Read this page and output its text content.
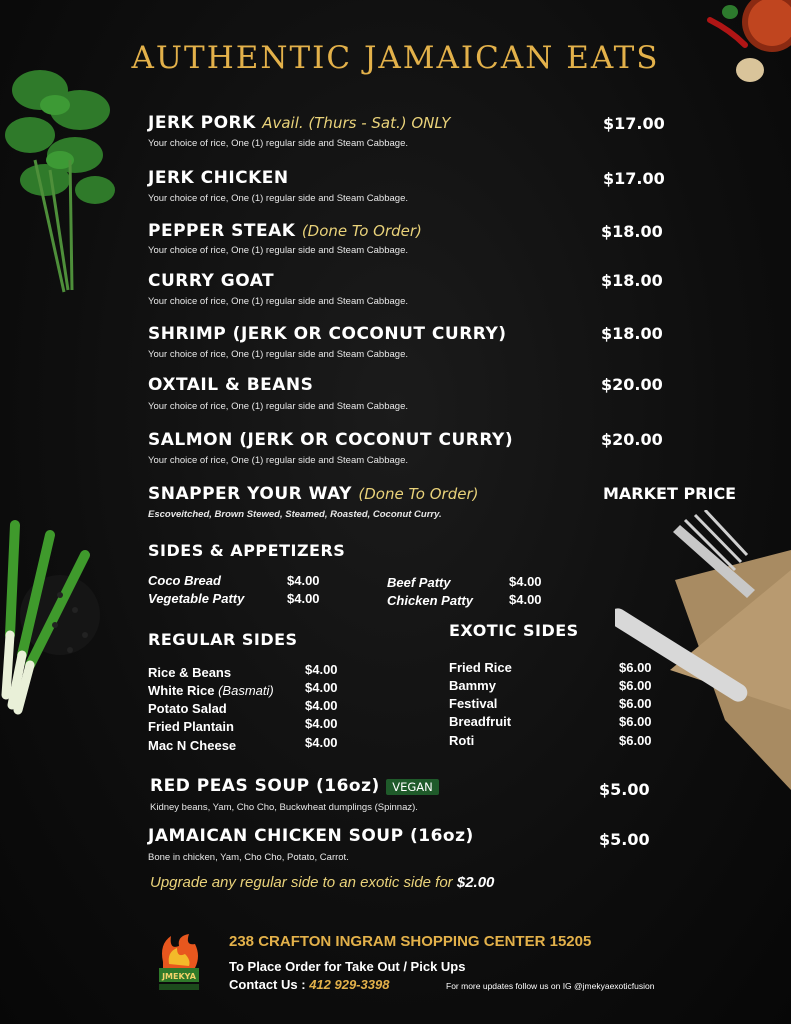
AUTHENTIC JAMAICAN EATS
JERK PORK Avail. (Thurs - Sat.) ONLY
Your choice of rice, One (1) regular side and Steam Cabbage.
$17.00
JERK CHICKEN
Your choice of rice, One (1) regular side and Steam Cabbage.
$17.00
PEPPER STEAK (Done To Order)
Your choice of rice, One (1) regular side and Steam Cabbage.
$18.00
CURRY GOAT
Your choice of rice, One (1) regular side and Steam Cabbage.
$18.00
SHRIMP (JERK OR COCONUT CURRY)
Your choice of rice, One (1) regular side and Steam Cabbage.
$18.00
OXTAIL & BEANS
Your choice of rice, One (1) regular side and Steam Cabbage.
$20.00
SALMON (JERK OR COCONUT CURRY)
Your choice of rice, One (1) regular side and Steam Cabbage.
$20.00
SNAPPER YOUR WAY (Done To Order)
Escoveitched, Brown Stewed, Steamed, Roasted, Coconut Curry.
MARKET PRICE
SIDES & APPETIZERS
Coco Bread	$4.00
Vegetable Patty	$4.00
Beef Patty	$4.00
Chicken Patty	$4.00
REGULAR SIDES
Rice & Beans	$4.00
White Rice (Basmati) $4.00
Potato Salad	$4.00
Fried Plantain	$4.00
Mac N Cheese	$4.00
EXOTIC SIDES
Fried Rice	$6.00
Bammy	$6.00
Festival	$6.00
Breadfruit	$6.00
Roti	$6.00
RED PEAS SOUP (16oz) VEGAN
Kidney beans, Yam, Cho Cho, Buckwheat dumplings (Spinnaz).
$5.00
JAMAICAN CHICKEN SOUP (16oz)
Bone in chicken, Yam, Cho Cho, Potato, Carrot.
$5.00
Upgrade any regular side to an exotic side for $2.00
JMEKYA
238 CRAFTON INGRAM SHOPPING CENTER 15205
To Place Order for Take Out / Pick Ups
Contact Us : 412 929-3398	For more updates follow us on IG @jmekyaexoticfusion
